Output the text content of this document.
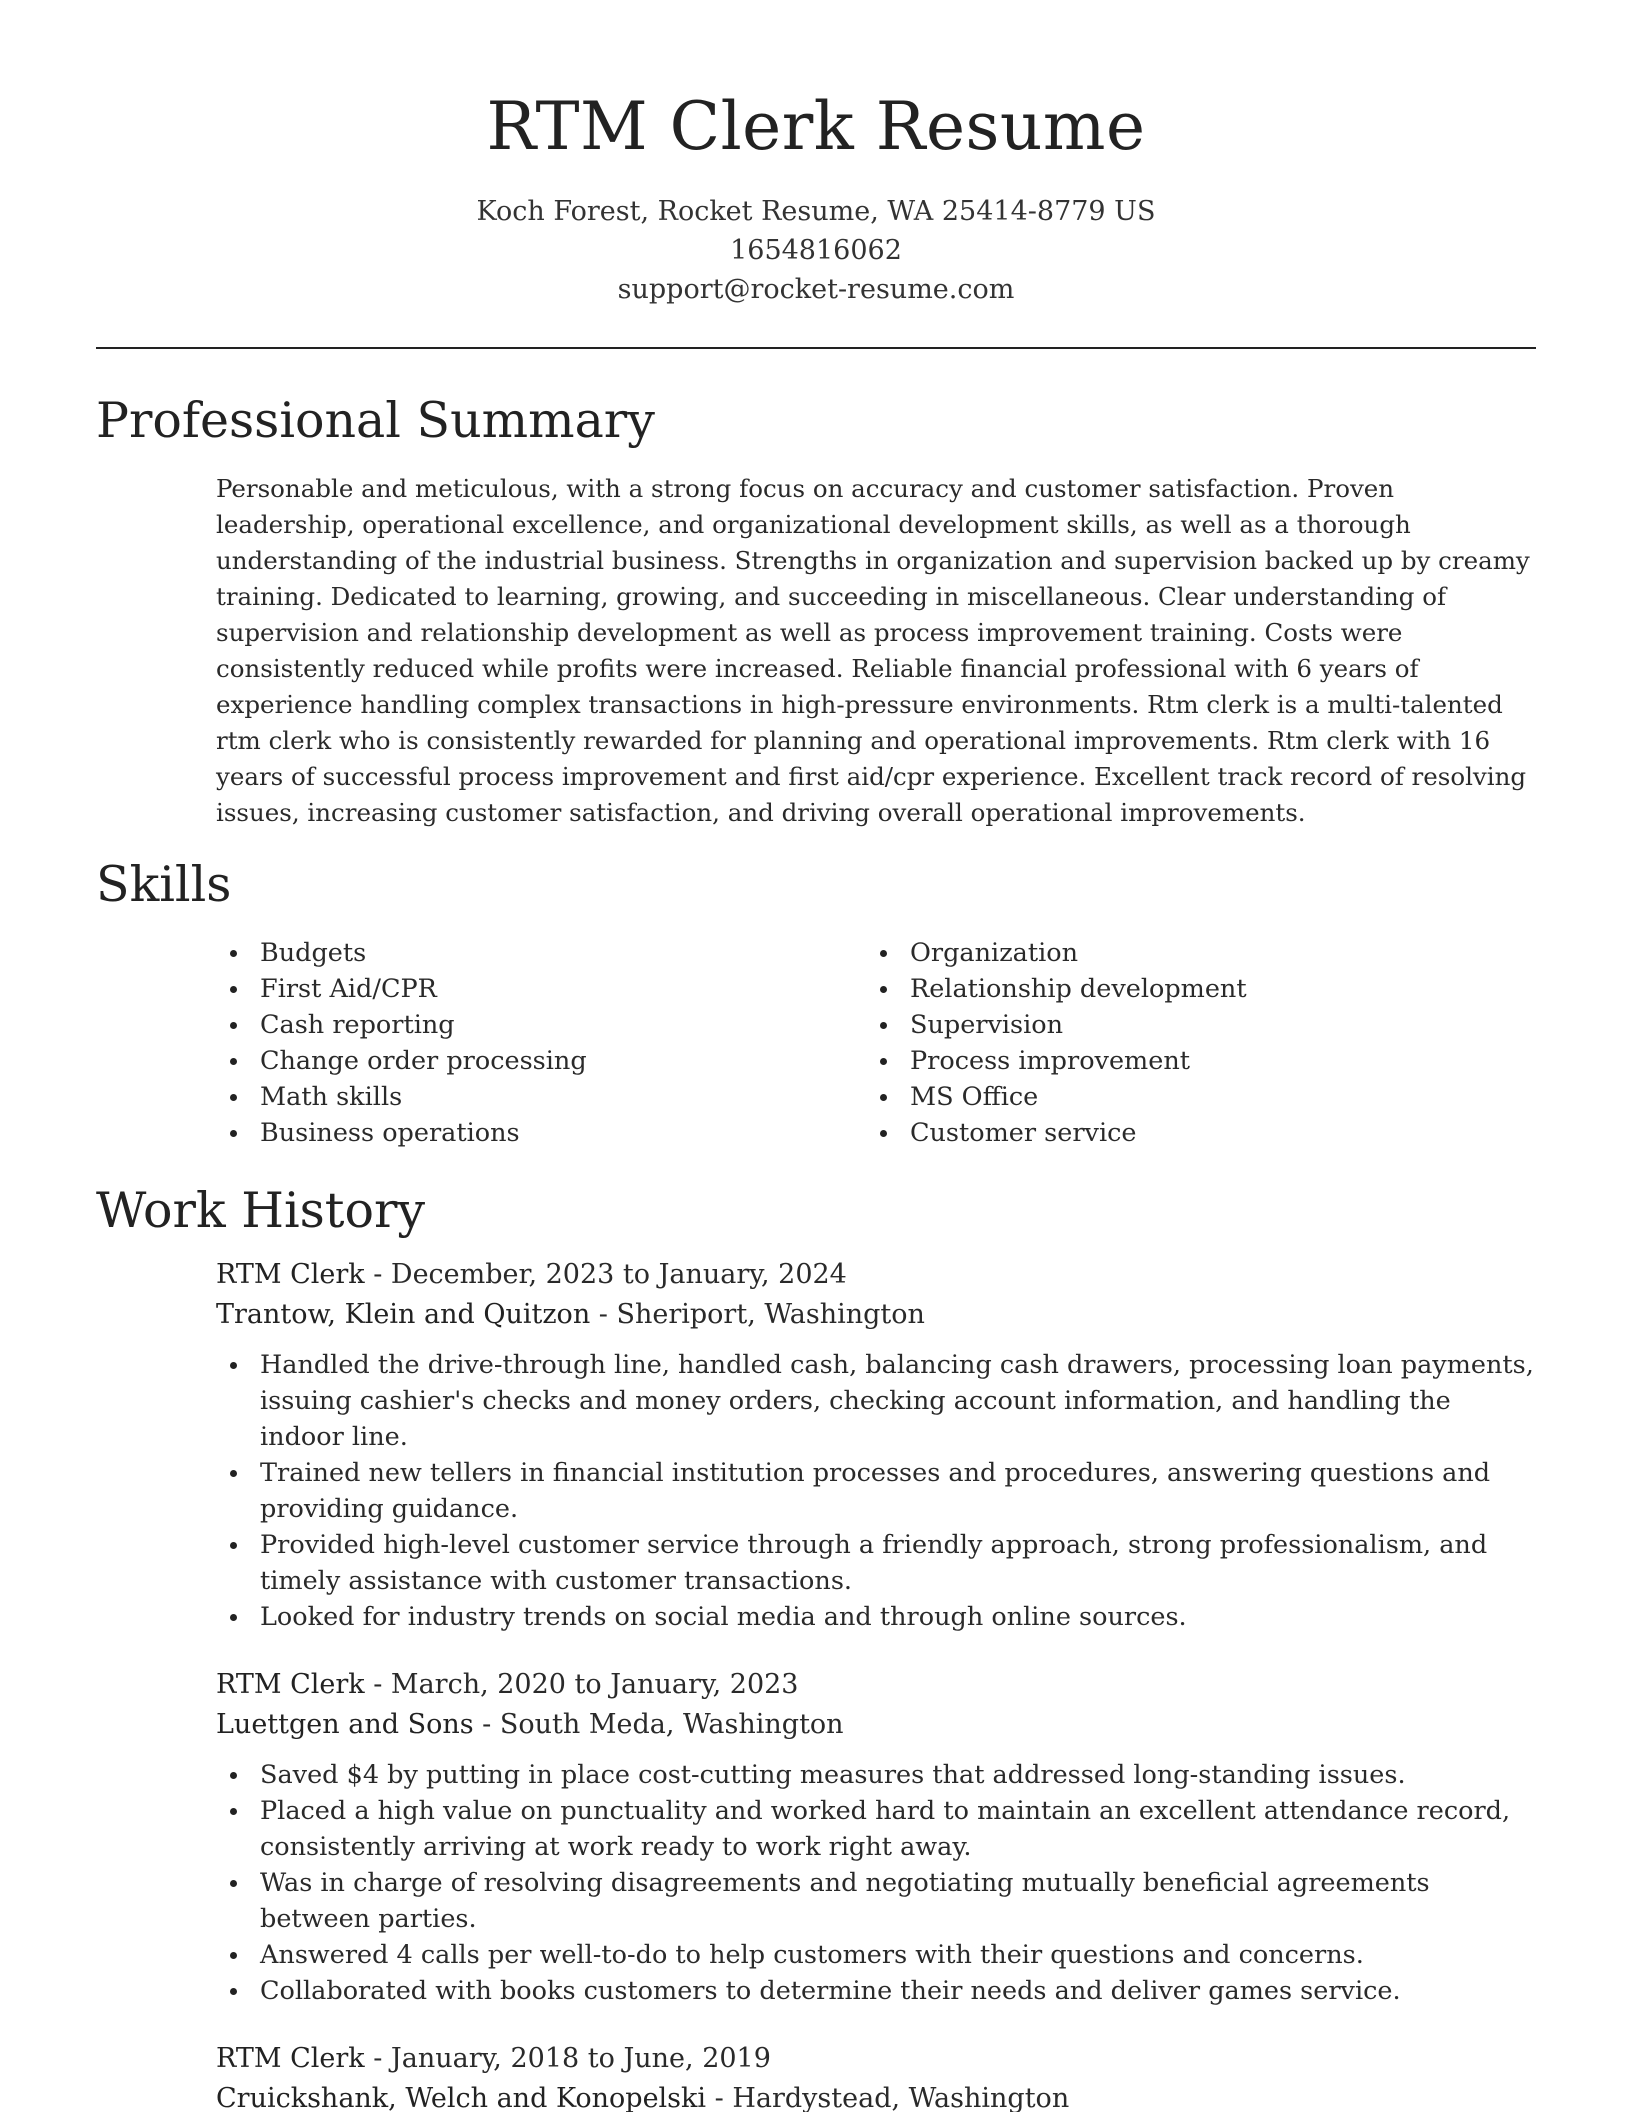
RTM Clerk Resume
Koch Forest, Rocket Resume, WA 25414-8779 US
1654816062
support@rocket-resume.com
Professional Summary

Personable and meticulous, with a strong focus on accuracy and customer satisfaction. Proven leadership, operational excellence, and organizational development skills, as well as a thorough understanding of the industrial business. Strengths in organization and supervision backed up by creamy training. Dedicated to learning, growing, and succeeding in miscellaneous. Clear understanding of supervision and relationship development as well as process improvement training. Costs were consistently reduced while profits were increased. Reliable financial professional with 6 years of experience handling complex transactions in high-pressure environments. Rtm clerk is a multi-talented rtm clerk who is consistently rewarded for planning and operational improvements. Rtm clerk with 16 years of successful process improvement and first aid/cpr experience. Excellent track record of resolving issues, increasing customer satisfaction, and driving overall operational improvements.

Skills
Budgets
First Aid/CPR
Cash reporting
Change order processing
Math skills
Business operations
Organization
Relationship development
Supervision
Process improvement
MS Office
Customer service
Work History
RTM Clerk - December, 2023 to January, 2024
Trantow, Klein and Quitzon - Sheriport, Washington
Handled the drive-through line, handled cash, balancing cash drawers, processing loan payments, issuing cashier's checks and money orders, checking account information, and handling the indoor line.
Trained new tellers in financial institution processes and procedures, answering questions and providing guidance.
Provided high-level customer service through a friendly approach, strong professionalism, and timely assistance with customer transactions.
Looked for industry trends on social media and through online sources.
RTM Clerk - March, 2020 to January, 2023
Luettgen and Sons - South Meda, Washington
Saved $4 by putting in place cost-cutting measures that addressed long-standing issues.
Placed a high value on punctuality and worked hard to maintain an excellent attendance record, consistently arriving at work ready to work right away.
Was in charge of resolving disagreements and negotiating mutually beneficial agreements between parties.
Answered 4 calls per well-to-do to help customers with their questions and concerns.
Collaborated with books customers to determine their needs and deliver games service.
RTM Clerk - January, 2018 to June, 2019
Cruickshank, Welch and Konopelski - Hardystead, Washington
